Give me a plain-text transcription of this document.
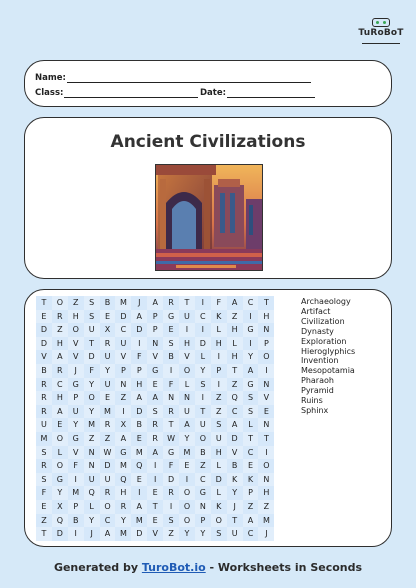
TuRoBoT
Name:
Class:	Date:
Ancient Civilizations
T	O	Z	S	B	M	J	A	R	T	I	F	A	C	T
E	R	H	S	E	D	A	P	G	U	C	K	Z	I	H
D	Z	O	U	X	C	D	P	E	I	I	L	H	G	N
D	H	V	T	R	U	I	N	S	H	D	H	L	I	P
V	A	V	D	U	V	F	V	B	V	L	I	H	Y	O
B	R	J	F	Y	P	P	G	I	O	Y	P	T	A	I
R	C	G	Y	U	N	H	E	F	L	S	I	Z	G	N
R	H	P	O	E	Z	A	A	N	N	I	Z	Q	S	V
R	A	U	Y	M	I	D	S	R	U	T	Z	C	S	E
U	E	Y	M	R	X	B	R	T	A	U	S	A	L	N
M	O	G	Z	Z	A	E	R	W	Y	O	U	D	T	T
S	L	V	N	W	G	M	A	G	M	B	H	V	C	I
R	O	F	N	D	M	Q	I	F	E	Z	L	B	E	O
S	G	I	U	U	Q	E	I	D	I	C	D	K	K	N
F	Y	M	Q	R	H	I	E	R	O	G	L	Y	P	H
E	X	P	L	O	R	A	T	I	O	N	K	J	Z	Z
Z	Q	B	Y	C	Y	M	E	S	O	P	O	T	A	M
T	D	I	J	A	M	D	V	Z	Y	Y	S	U	C	J
Archaeology
Artifact
Civilization
Dynasty
Exploration
Hieroglyphics
Invention
Mesopotamia
Pharaoh
Pyramid
Ruins
Sphinx
Generated by TuroBot.io - Worksheets in Seconds
